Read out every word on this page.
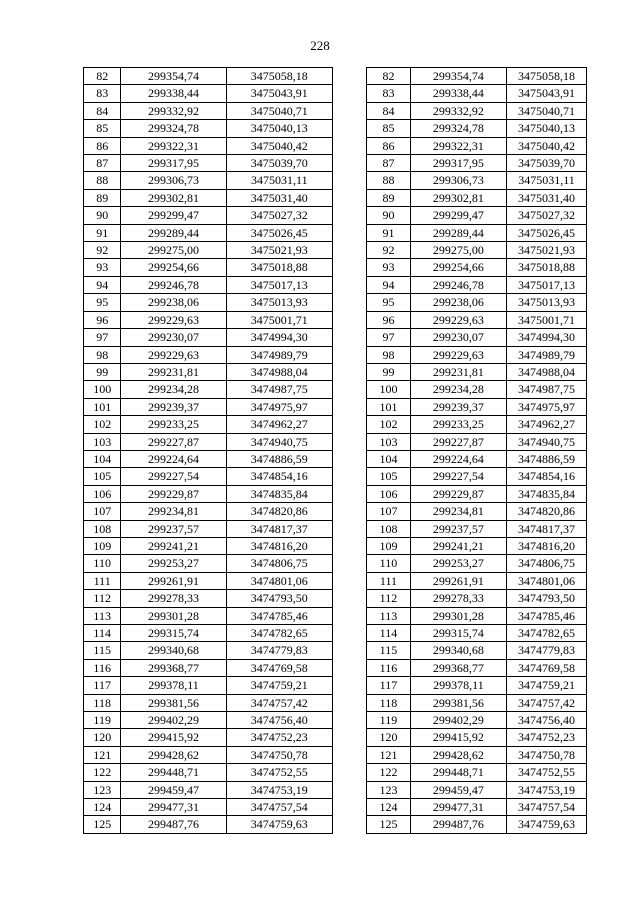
228
82	299354,74	3475058,18
83	299338,44	3475043,91
84	299332,92	3475040,71
85	299324,78	3475040,13
86	299322,31	3475040,42
87	299317,95	3475039,70
88	299306,73	3475031,11
89	299302,81	3475031,40
90	299299,47	3475027,32
91	299289,44	3475026,45
92	299275,00	3475021,93
93	299254,66	3475018,88
94	299246,78	3475017,13
95	299238,06	3475013,93
96	299229,63	3475001,71
97	299230,07	3474994,30
98	299229,63	3474989,79
99	299231,81	3474988,04
100	299234,28	3474987,75
101	299239,37	3474975,97
102	299233,25	3474962,27
103	299227,87	3474940,75
104	299224,64	3474886,59
105	299227,54	3474854,16
106	299229,87	3474835,84
107	299234,81	3474820,86
108	299237,57	3474817,37
109	299241,21	3474816,20
110	299253,27	3474806,75
111	299261,91	3474801,06
112	299278,33	3474793,50
113	299301,28	3474785,46
114	299315,74	3474782,65
115	299340,68	3474779,83
116	299368,77	3474769,58
117	299378,11	3474759,21
118	299381,56	3474757,42
119	299402,29	3474756,40
120	299415,92	3474752,23
121	299428,62	3474750,78
122	299448,71	3474752,55
123	299459,47	3474753,19
124	299477,31	3474757,54
125	299487,76	3474759,63
82	299354,74	3475058,18
83	299338,44	3475043,91
84	299332,92	3475040,71
85	299324,78	3475040,13
86	299322,31	3475040,42
87	299317,95	3475039,70
88	299306,73	3475031,11
89	299302,81	3475031,40
90	299299,47	3475027,32
91	299289,44	3475026,45
92	299275,00	3475021,93
93	299254,66	3475018,88
94	299246,78	3475017,13
95	299238,06	3475013,93
96	299229,63	3475001,71
97	299230,07	3474994,30
98	299229,63	3474989,79
99	299231,81	3474988,04
100	299234,28	3474987,75
101	299239,37	3474975,97
102	299233,25	3474962,27
103	299227,87	3474940,75
104	299224,64	3474886,59
105	299227,54	3474854,16
106	299229,87	3474835,84
107	299234,81	3474820,86
108	299237,57	3474817,37
109	299241,21	3474816,20
110	299253,27	3474806,75
111	299261,91	3474801,06
112	299278,33	3474793,50
113	299301,28	3474785,46
114	299315,74	3474782,65
115	299340,68	3474779,83
116	299368,77	3474769,58
117	299378,11	3474759,21
118	299381,56	3474757,42
119	299402,29	3474756,40
120	299415,92	3474752,23
121	299428,62	3474750,78
122	299448,71	3474752,55
123	299459,47	3474753,19
124	299477,31	3474757,54
125	299487,76	3474759,63
